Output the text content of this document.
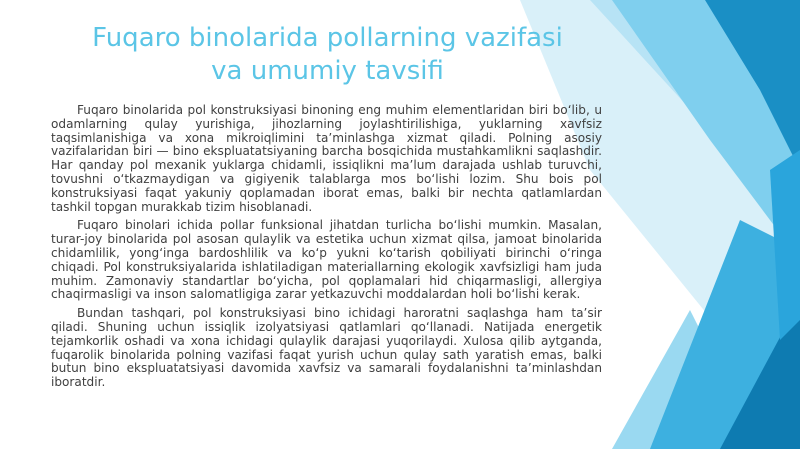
Fuqaro binolarida pollarning vazifasi
va umumiy tavsifi

Fuqaro binolarida pol konstruksiyasi binoning eng muhim elementlaridan biri bo‘lib, u odamlarning qulay yurishiga, jihozlarning joylashtirilishiga, yuklarning xavfsiz taqsimlanishiga va xona mikroiqlimini ta’minlashga xizmat qiladi. Polning asosiy vazifalaridan biri — bino ekspluatatsiyaning barcha bosqichida mustahkamlikni saqlashdir. Har qanday pol mexanik yuklarga chidamli, issiqlikni ma’lum darajada ushlab turuvchi, tovushni o‘tkazmaydigan va gigiyenik talablarga mos bo‘lishi lozim. Shu bois pol konstruksiyasi faqat yakuniy qoplamadan iborat emas, balki bir nechta qatlamlardan tashkil topgan murakkab tizim hisoblanadi.

Fuqaro binolari ichida pollar funksional jihatdan turlicha bo‘lishi mumkin. Masalan, turar-joy binolarida pol asosan qulaylik va estetika uchun xizmat qilsa, jamoat binolarida chidamlilik, yong‘inga bardoshlilik va ko‘p yukni ko‘tarish qobiliyati birinchi o‘ringa chiqadi. Pol konstruksiyalarida ishlatiladigan materiallarning ekologik xavfsizligi ham juda muhim. Zamonaviy standartlar bo‘yicha, pol qoplamalari hid chiqarmasligi, allergiya chaqirmasligi va inson salomatligiga zarar yetkazuvchi moddalardan holi bo‘lishi kerak.

Bundan tashqari, pol konstruksiyasi bino ichidagi haroratni saqlashga ham ta’sir qiladi. Shuning uchun issiqlik izolyatsiyasi qatlamlari qo‘llanadi. Natijada energetik tejamkorlik oshadi va xona ichidagi qulaylik darajasi yuqorilaydi. Xulosa qilib aytganda, fuqarolik binolarida polning vazifasi faqat yurish uchun qulay sath yaratish emas, balki butun bino ekspluatatsiyasi davomida xavfsiz va samarali foydalanishni ta’minlashdan iboratdir.
